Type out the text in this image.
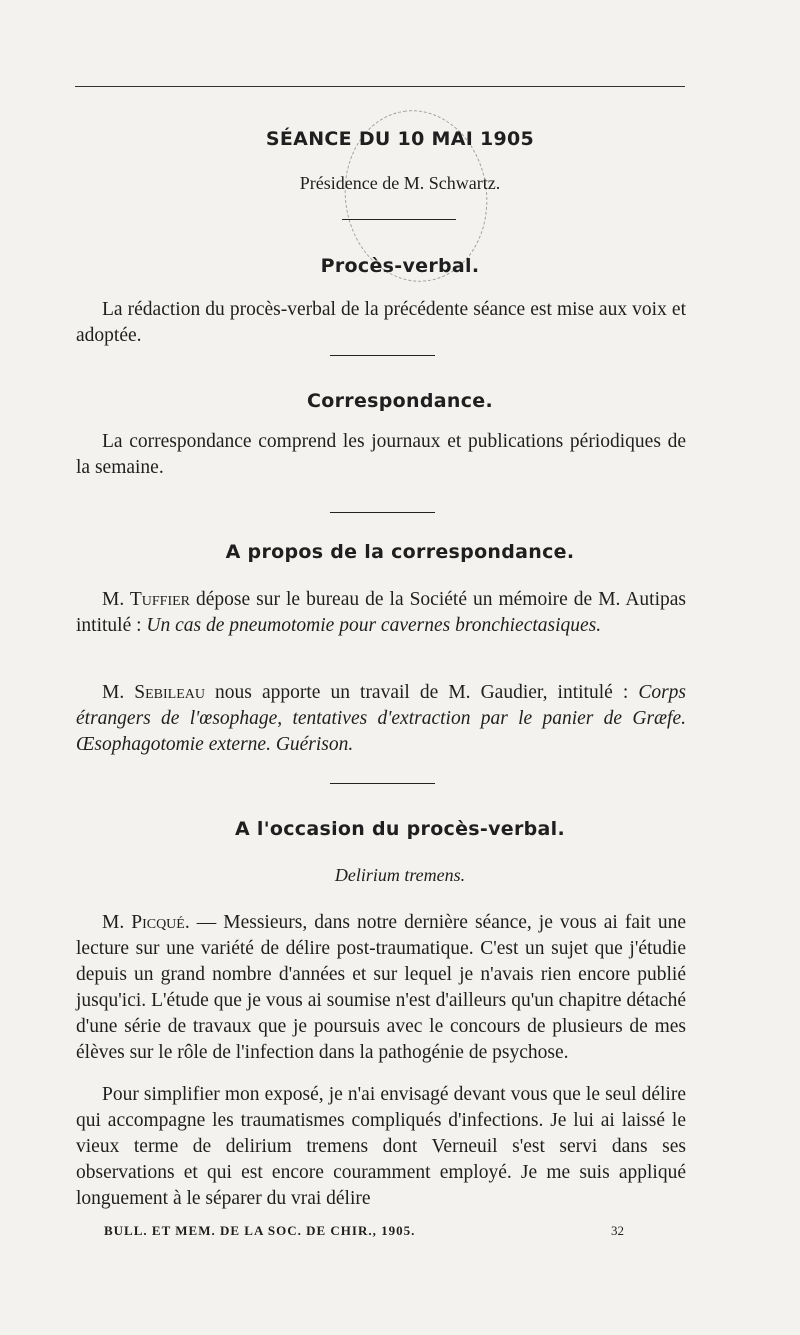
SÉANCE DU 10 MAI 1905
Présidence de M. Schwartz.
Procès-verbal.
La rédaction du procès-verbal de la précédente séance est mise aux voix et adoptée.
Correspondance.
La correspondance comprend les journaux et publications périodiques de la semaine.
A propos de la correspondance.
M. Tuffier dépose sur le bureau de la Société un mémoire de M. Autipas intitulé : Un cas de pneumotomie pour cavernes bronchiectasiques.
M. Sebileau nous apporte un travail de M. Gaudier, intitulé : Corps étrangers de l'œsophage, tentatives d'extraction par le panier de Græfe. Œsophagotomie externe. Guérison.
A l'occasion du procès-verbal.
Delirium tremens.
M. Picqué. — Messieurs, dans notre dernière séance, je vous ai fait une lecture sur une variété de délire post-traumatique. C'est un sujet que j'étudie depuis un grand nombre d'années et sur lequel je n'avais rien encore publié jusqu'ici. L'étude que je vous ai soumise n'est d'ailleurs qu'un chapitre détaché d'une série de travaux que je poursuis avec le concours de plusieurs de mes élèves sur le rôle de l'infection dans la pathogénie de psychose.
Pour simplifier mon exposé, je n'ai envisagé devant vous que le seul délire qui accompagne les traumatismes compliqués d'infections. Je lui ai laissé le vieux terme de delirium tremens dont Verneuil s'est servi dans ses observations et qui est encore couramment employé. Je me suis appliqué longuement à le séparer du vrai délire
BULL. ET MEM. DE LA SOC. DE CHIR., 1905.	32
